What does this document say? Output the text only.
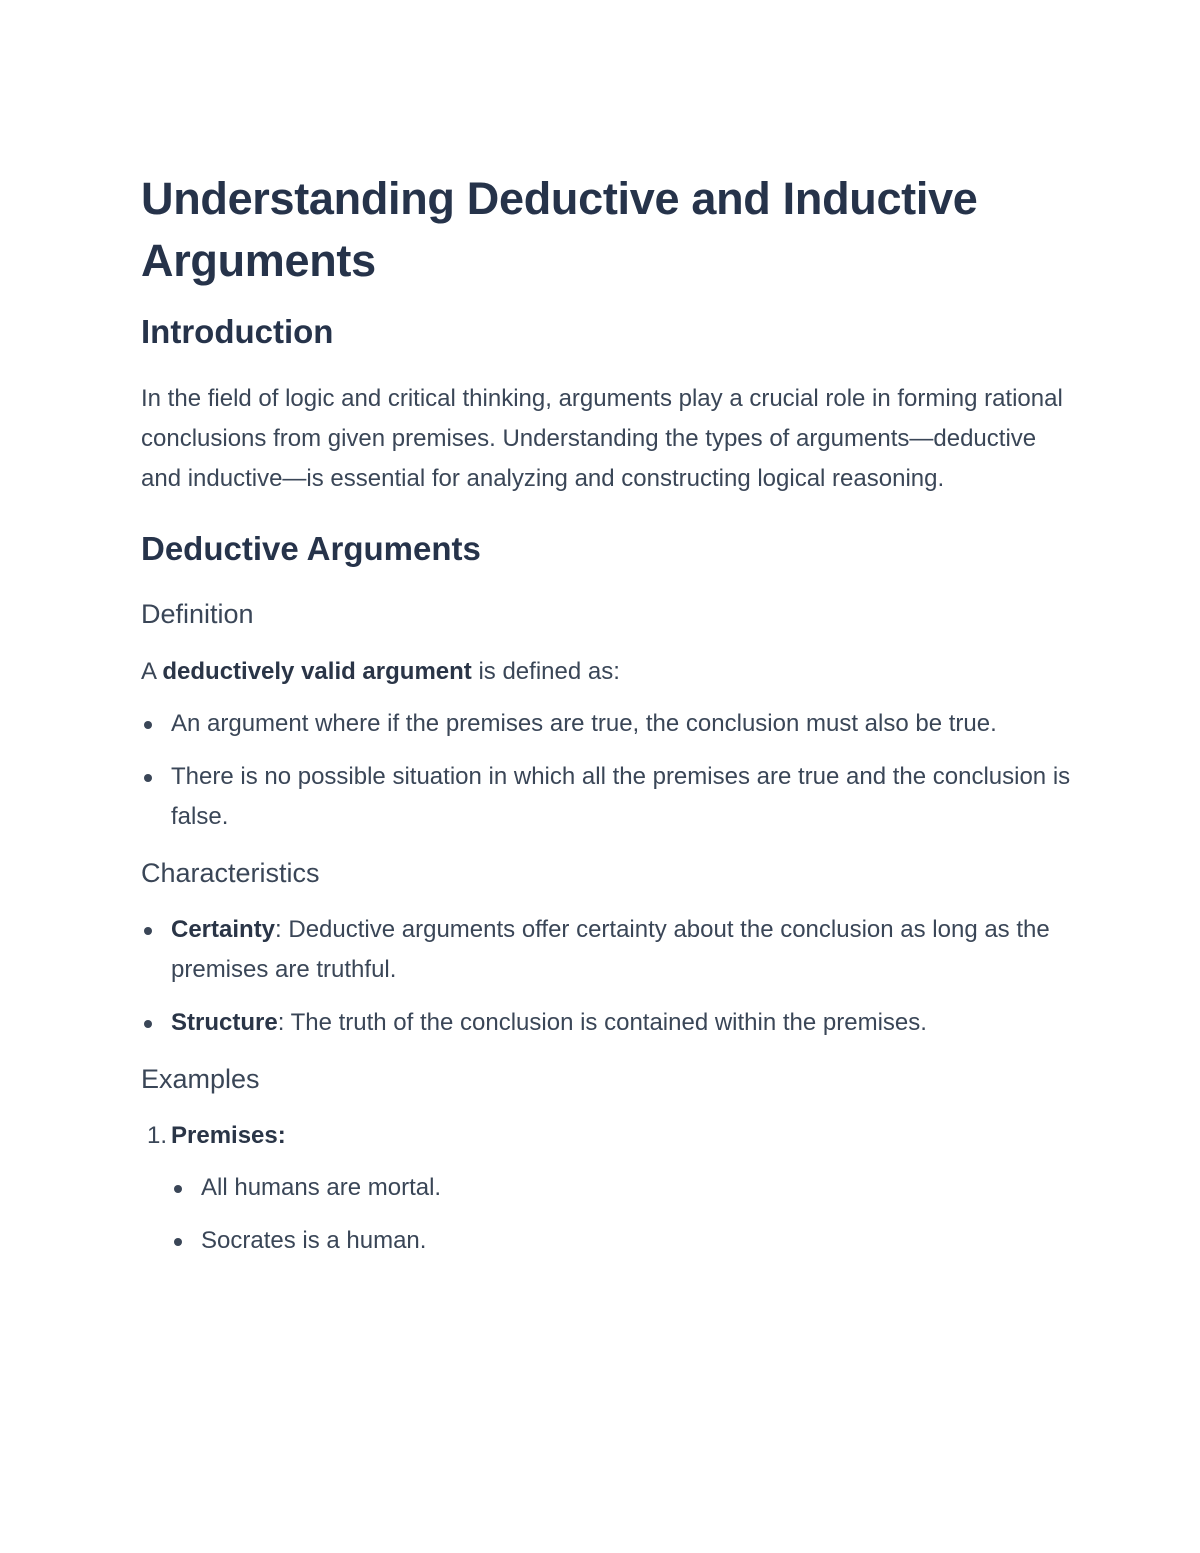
Understanding Deductive and Inductive Arguments
Introduction

In the field of logic and critical thinking, arguments play a crucial role in forming rational conclusions from given premises. Understanding the types of arguments—deductive and inductive—is essential for analyzing and constructing logical reasoning.

Deductive Arguments
Definition

A deductively valid argument is defined as:

An argument where if the premises are true, the conclusion must also be true.
There is no possible situation in which all the premises are true and the conclusion is false.
Characteristics
Certainty: Deductive arguments offer certainty about the conclusion as long as the premises are truthful.
Structure: The truth of the conclusion is contained within the premises.
Examples
1. Premises:
All humans are mortal.
Socrates is a human.
